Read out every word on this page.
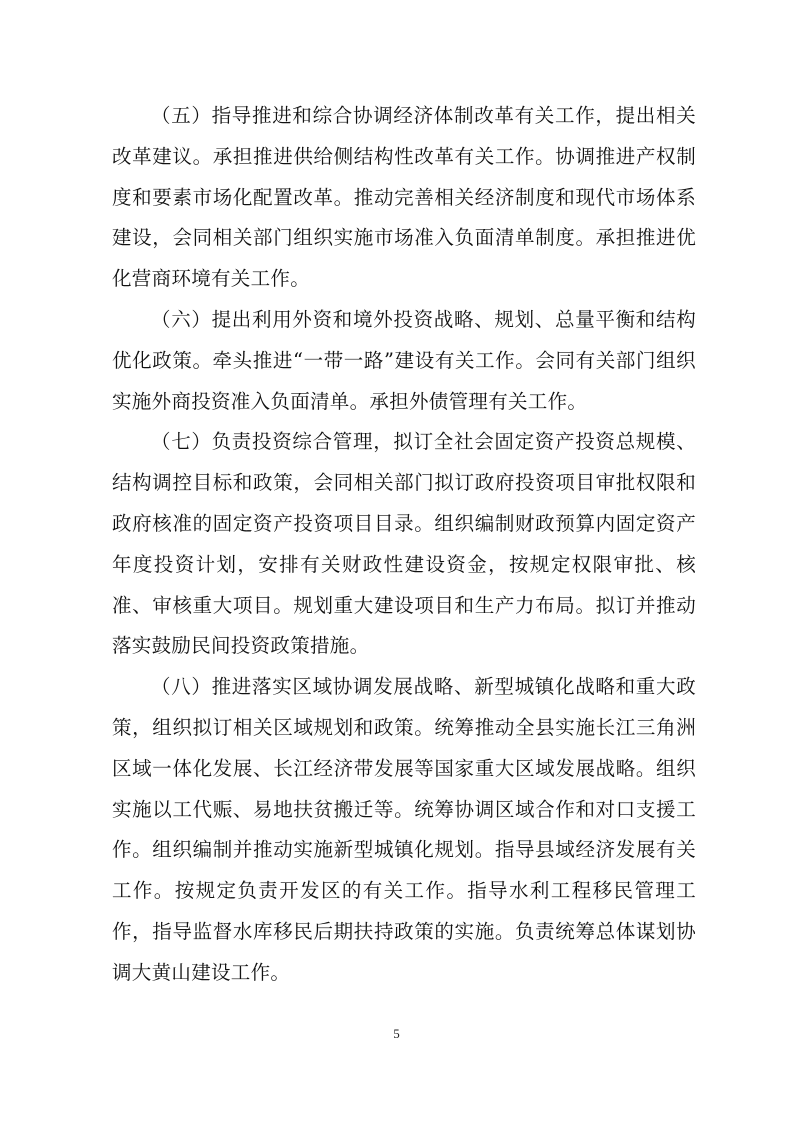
（五）指导推进和综合协调经济体制改革有关工作，提出相关改革建议。承担推进供给侧结构性改革有关工作。协调推进产权制度和要素市场化配置改革。推动完善相关经济制度和现代市场体系建设，会同相关部门组织实施市场准入负面清单制度。承担推进优化营商环境有关工作。

（六）提出利用外资和境外投资战略、规划、总量平衡和结构优化政策。牵头推进“一带一路”建设有关工作。会同有关部门组织实施外商投资准入负面清单。承担外债管理有关工作。

（七）负责投资综合管理，拟订全社会固定资产投资总规模、结构调控目标和政策，会同相关部门拟订政府投资项目审批权限和政府核准的固定资产投资项目目录。组织编制财政预算内固定资产年度投资计划，安排有关财政性建设资金，按规定权限审批、核准、审核重大项目。规划重大建设项目和生产力布局。拟订并推动落实鼓励民间投资政策措施。

（八）推进落实区域协调发展战略、新型城镇化战略和重大政策，组织拟订相关区域规划和政策。统筹推动全县实施长江三角洲区域一体化发展、长江经济带发展等国家重大区域发展战略。组织实施以工代赈、易地扶贫搬迁等。统筹协调区域合作和对口支援工作。组织编制并推动实施新型城镇化规划。指导县域经济发展有关工作。按规定负责开发区的有关工作。指导水利工程移民管理工作，指导监督水库移民后期扶持政策的实施。负责统筹总体谋划协调大黄山建设工作。

5
